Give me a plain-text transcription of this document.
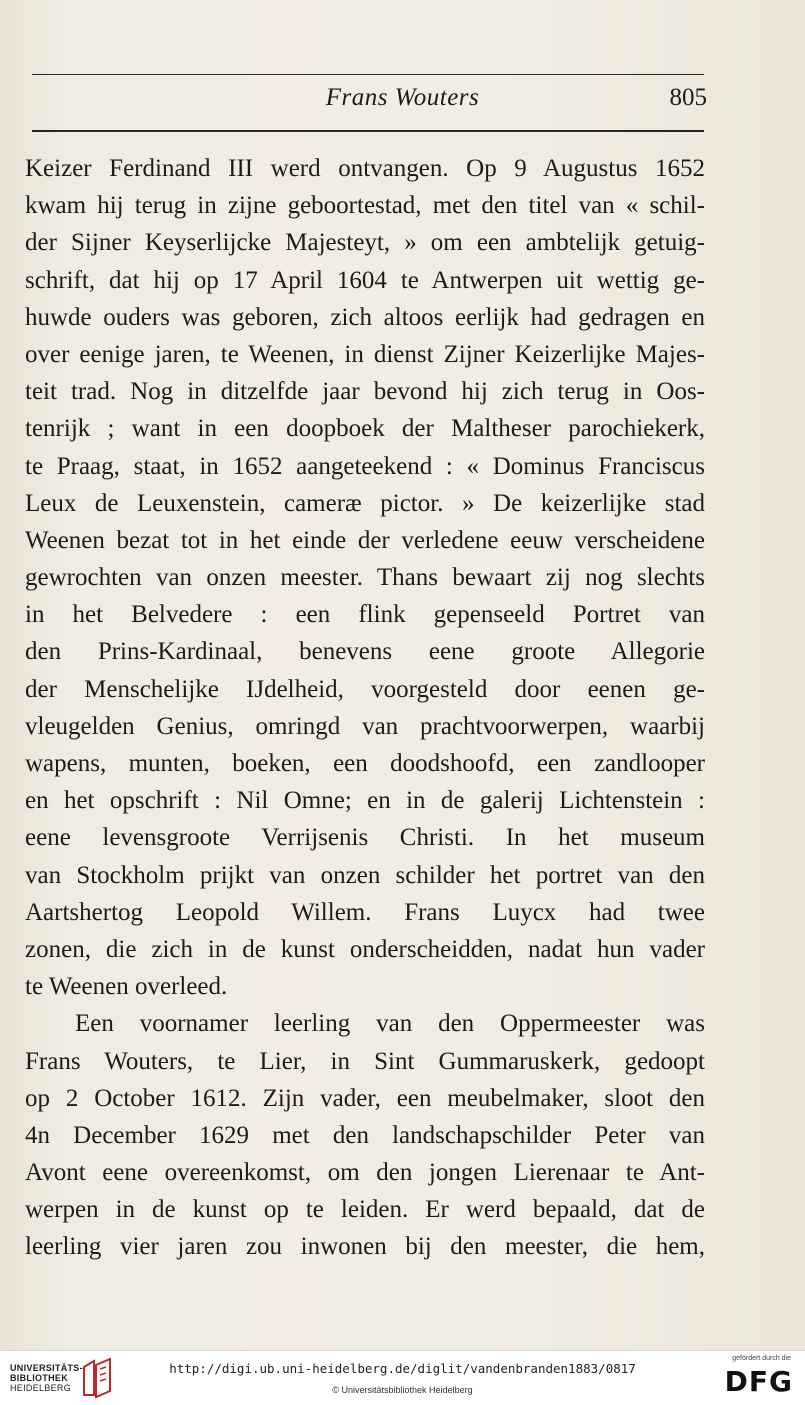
Frans Wouters	805
Keizer Ferdinand III werd ontvangen. Op 9 Augustus 1652
kwam hij terug in zijne geboortestad, met den titel van « schil-
der Sijner Keyserlijcke Majesteyt, » om een ambtelijk getuig-
schrift, dat hij op 17 April 1604 te Antwerpen uit wettig ge-
huwde ouders was geboren, zich altoos eerlijk had gedragen en
over eenige jaren, te Weenen, in dienst Zijner Keizerlijke Majes-
teit trad. Nog in ditzelfde jaar bevond hij zich terug in Oos-
tenrijk ; want in een doopboek der Maltheser parochiekerk,
te Praag, staat, in 1652 aangeteekend : « Dominus Franciscus
Leux de Leuxenstein, cameræ pictor. » De keizerlijke stad
Weenen bezat tot in het einde der verledene eeuw verscheidene
gewrochten van onzen meester. Thans bewaart zij nog slechts
in het Belvedere : een flink gepenseeld Portret van
den Prins-Kardinaal, benevens eene groote Allegorie
der Menschelijke IJdelheid, voorgesteld door eenen ge-
vleugelden Genius, omringd van prachtvoorwerpen, waarbij
wapens, munten, boeken, een doodshoofd, een zandlooper
en het opschrift : Nil Omne; en in de galerij Lichtenstein :
eene levensgroote Verrijsenis Christi. In het museum
van Stockholm prijkt van onzen schilder het portret van den
Aartshertog Leopold Willem. Frans Luycx had twee
zonen, die zich in de kunst onderscheidden, nadat hun vader
te Weenen overleed.
Een voornamer leerling van den Oppermeester was
Frans Wouters, te Lier, in Sint Gummaruskerk, gedoopt
op 2 October 1612. Zijn vader, een meubelmaker, sloot den
4n December 1629 met den landschapschilder Peter van
Avont eene overeenkomst, om den jongen Lierenaar te Ant-
werpen in de kunst op te leiden. Er werd bepaald, dat de
leerling vier jaren zou inwonen bij den meester, die hem,
UNIVERSITÄTS-
BIBLIOTHEK
HEIDELBERG
http://digi.ub.uni-heidelberg.de/diglit/vandenbranden1883/0817
© Universitätsbibliothek Heidelberg
gefördert durch die
DFG
